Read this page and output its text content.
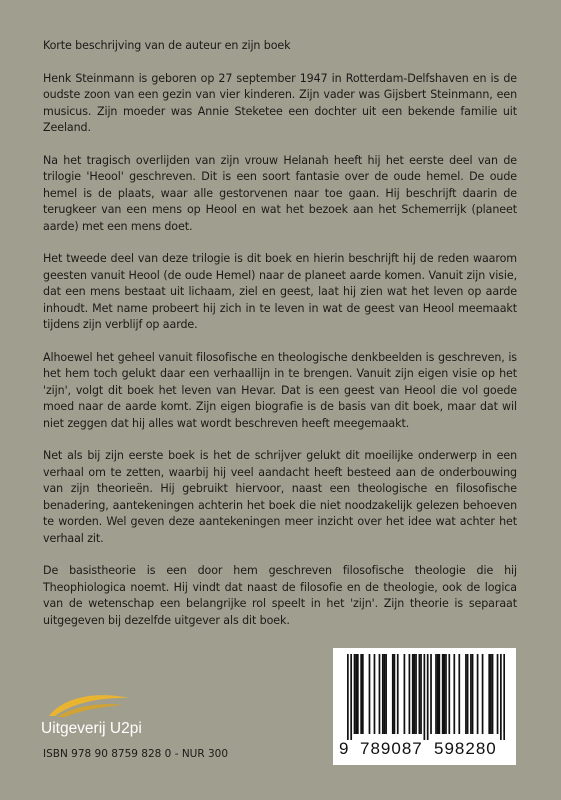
Korte beschrijving van de auteur en zijn boek

Henk Steinmann is geboren op 27 september 1947 in Rotterdam-Delfshaven en is de oudste zoon van een gezin van vier kinderen. Zijn vader was Gijsbert Steinmann, een musicus. Zijn moeder was Annie Steketee een dochter uit een bekende familie uit Zeeland.

Na het tragisch overlijden van zijn vrouw Helanah heeft hij het eerste deel van de trilogie 'Heool' geschreven. Dit is een soort fantasie over de oude hemel. De oude hemel is de plaats, waar alle gestorvenen naar toe gaan. Hij beschrijft daarin de terugkeer van een mens op Heool en wat het bezoek aan het Schemerrijk (planeet aarde) met een mens doet.

Het tweede deel van deze trilogie is dit boek en hierin beschrijft hij de reden waarom geesten vanuit Heool (de oude Hemel) naar de planeet aarde komen. Vanuit zijn visie, dat een mens bestaat uit lichaam, ziel en geest, laat hij zien wat het leven op aarde inhoudt. Met name probeert hij zich in te leven in wat de geest van Heool meemaakt tijdens zijn verblijf op aarde.

Alhoewel het geheel vanuit filosofische en theologische denkbeelden is geschreven, is het hem toch gelukt daar een verhaallijn in te brengen. Vanuit zijn eigen visie op het 'zijn', volgt dit boek het leven van Hevar. Dat is een geest van Heool die vol goede moed naar de aarde komt. Zijn eigen biografie is de basis van dit boek, maar dat wil niet zeggen dat hij alles wat wordt beschreven heeft meegemaakt.

Net als bij zijn eerste boek is het de schrijver gelukt dit moeilijke onderwerp in een verhaal om te zetten, waarbij hij veel aandacht heeft besteed aan de onderbouwing van zijn theorieën. Hij gebruikt hiervoor, naast een theologische en filosofische benadering, aantekeningen achterin het boek die niet noodzakelijk gelezen behoeven te worden. Wel geven deze aantekeningen meer inzicht over het idee wat achter het verhaal zit.

De basistheorie is een door hem geschreven filosofische theologie die hij Theophiologica noemt. Hij vindt dat naast de filosofie en de theologie, ook de logica van de wetenschap een belangrijke rol speelt in het 'zijn'. Zijn theorie is separaat uitgegeven bij dezelfde uitgever als dit boek.

Uitgeverij U2pi
ISBN 978 90 8759 828 0 - NUR 300	9 789087 598280
